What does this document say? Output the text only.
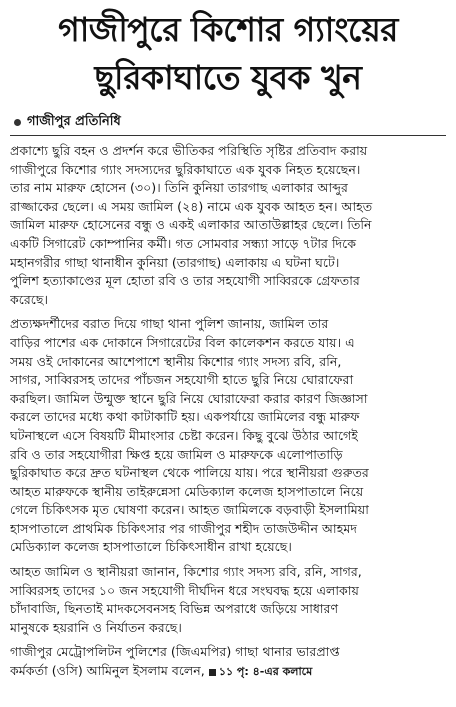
গাজীপুরে কিশোর গ্যাংয়ের
ছুরিকাঘাতে যুবক খুন
গাজীপুর প্রতিনিধি

প্রকাশ্যে ছুরি বহন ও প্রদর্শন করে ভীতিকর পরিস্থিতি সৃষ্টির প্রতিবাদ করায়
গাজীপুরে কিশোর গ্যাং সদস্যদের ছুরিকাঘাতে এক যুবক নিহত হয়েছেন।
তার নাম মারুফ হোসেন (৩০)। তিনি কুনিয়া তারগাছ এলাকার আব্দুর
রাজ্জাকের ছেলে। এ সময় জামিল (২৪) নামে এক যুবক আহত হন। আহত
জামিল মারুফ হোসেনের বন্ধু ও একই এলাকার আতাউল্লাহর ছেলে। তিনি
একটি সিগারেট কোম্পানির কর্মী। গত সোমবার সন্ধ্যা সাড়ে ৭টার দিকে
মহানগরীর গাছা থানাধীন কুনিয়া (তারগাছ) এলাকায় এ ঘটনা ঘটে।
পুলিশ হত্যাকাণ্ডের মূল হোতা রবি ও তার সহযোগী সাব্বিরকে গ্রেফতার
করেছে।

প্রত্যক্ষদর্শীদের বরাত দিয়ে গাছা থানা পুলিশ জানায়, জামিল তার
বাড়ির পাশের এক দোকানে সিগারেটের বিল কালেকশন করতে যায়। এ
সময় ওই দোকানের আশেপাশে স্থানীয় কিশোর গ্যাং সদস্য রবি, রনি,
সাগর, সাব্বিরসহ তাদের পাঁচজন সহযোগী হাতে ছুরি নিয়ে ঘোরাফেরা
করছিল। জামিল উন্মুক্ত স্থানে ছুরি নিয়ে ঘোরাফেরা করার কারণ জিজ্ঞাসা
করলে তাদের মধ্যে কথা কাটাকাটি হয়। একপর্যায়ে জামিলের বন্ধু মারুফ
ঘটনাস্থলে এসে বিষয়টি মীমাংসার চেষ্টা করেন। কিছু বুঝে উঠার আগেই
রবি ও তার সহযোগীরা ক্ষিপ্ত হয়ে জামিল ও মারুফকে এলোপাতাড়ি
ছুরিকাঘাত করে দ্রুত ঘটনাস্থল থেকে পালিয়ে যায়। পরে স্থানীয়রা গুরুতর
আহত মারুফকে স্থানীয় তাইরুন্নেসা মেডিক্যাল কলেজ হাসপাতালে নিয়ে
গেলে চিকিৎসক মৃত ঘোষণা করেন। আহত জামিলকে বড়বাড়ী ইসলামিয়া
হাসপাতালে প্রাথমিক চিকিৎসার পর গাজীপুর শহীদ তাজউদ্দীন আহমদ
মেডিক্যাল কলেজ হাসপাতালে চিকিৎসাধীন রাখা হয়েছে।

আহত জামিল ও স্থানীয়রা জানান, কিশোর গ্যাং সদস্য রবি, রনি, সাগর,
সাব্বিরসহ তাদের ১০ জন সহযোগী দীর্ঘদিন ধরে সংঘবদ্ধ হয়ে এলাকায়
চাঁদাবাজি, ছিনতাই মাদকসেবনসহ বিভিন্ন অপরাধে জড়িয়ে সাধারণ
মানুষকে হয়রানি ও নির্যাতন করছে।

গাজীপুর মেট্রোপলিটন পুলিশের (জিএমপির) গাছা থানার ভারপ্রাপ্ত
কর্মকর্তা (ওসি) আমিনুল ইসলাম বলেন, ১১ পৃ: ৪-এর কলামে
